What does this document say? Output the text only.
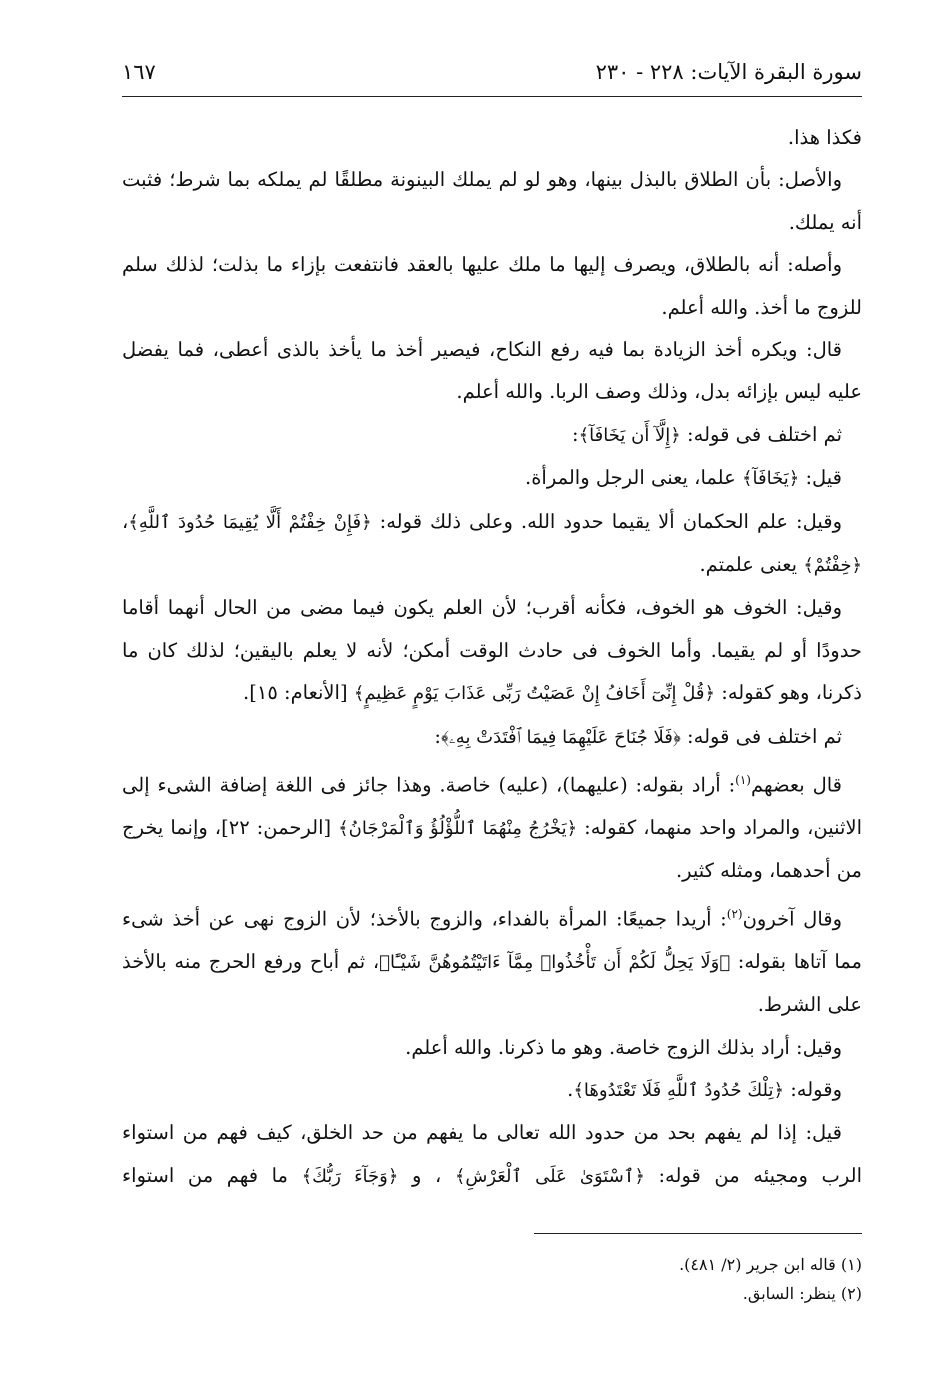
سورة البقرة الآيات: ٢٢٨ - ٢٣٠
١٦٧

فكذا هذا.

والأصل: بأن الطلاق بالبذل بينها، وهو لو لم يملك البينونة مطلقًا لم يملكه بما شرط؛ فثبت أنه يملك.

وأصله: أنه بالطلاق، ويصرف إليها ما ملك عليها بالعقد فانتفعت بإزاء ما بذلت؛ لذلك سلم للزوج ما أخذ. والله أعلم.

قال: ويكره أخذ الزيادة بما فيه رفع النكاح، فيصير أخذ ما يأخذ بالذى أعطى، فما يفضل عليه ليس بإزائه بدل، وذلك وصف الربا. والله أعلم.

ثم اختلف فى قوله: ﴿إِلَّآ أَن يَخَافَآ﴾:

قيل: ﴿يَخَافَآ﴾ علما، يعنى الرجل والمرأة.

وقيل: علم الحكمان ألا يقيما حدود الله. وعلى ذلك قوله: ﴿فَإِنْ خِفْتُمْ أَلَّا يُقِيمَا حُدُودَ ٱللَّهِ﴾، ﴿خِفْتُمْ﴾ يعنى علمتم.

وقيل: الخوف هو الخوف، فكأنه أقرب؛ لأن العلم يكون فيما مضى من الحال أنهما أقاما حدودًا أو لم يقيما. وأما الخوف فى حادث الوقت أمكن؛ لأنه لا يعلم باليقين؛ لذلك كان ما ذكرنا، وهو كقوله: ﴿قُلْ إِنِّىٓ أَخَافُ إِنْ عَصَيْتُ رَبِّى عَذَابَ يَوْمٍ عَظِيمٍ﴾ [الأنعام: ١٥].

ثم اختلف فى قوله: ﴿فَلَا جُنَاحَ عَلَيْهِمَا فِيمَا ٱفْتَدَتْ بِهِۦ﴾:

قال بعضهم$^{(١)}$: أراد بقوله: (عليهما)، (عليه) خاصة. وهذا جائز فى اللغة إضافة الشىء إلى الاثنين، والمراد واحد منهما، كقوله: ﴿يَخْرُجُ مِنْهُمَا ٱللُّؤْلُؤُ وَٱلْمَرْجَانُ﴾ [الرحمن: ٢٢]، وإنما يخرج من أحدهما، ومثله كثير.

وقال آخرون$^{(٢)}$: أريدا جميعًا: المرأة بالفداء، والزوج بالأخذ؛ لأن الزوج نهى عن أخذ شىء مما آتاها بقوله: ﴿وَلَا يَحِلُّ لَكُمْ أَن تَأْخُذُوا۟ مِمَّآ ءَاتَيْتُمُوهُنَّ شَيْـًٔا﴾، ثم أباح ورفع الحرج منه بالأخذ على الشرط.

وقيل: أراد بذلك الزوج خاصة. وهو ما ذكرنا. والله أعلم.

وقوله: ﴿تِلْكَ حُدُودُ ٱللَّهِ فَلَا تَعْتَدُوهَا﴾.

قيل: إذا لم يفهم بحد من حدود الله تعالى ما يفهم من حد الخلق، كيف فهم من استواء الرب ومجيئه من قوله: ﴿ٱسْتَوَىٰ عَلَى ٱلْعَرْشِ﴾ ، و ﴿وَجَآءَ رَبُّكَ﴾ ما فهم من استواء

(١) قاله ابن جرير (٢/ ٤٨١).
(٢) ينظر: السابق.
